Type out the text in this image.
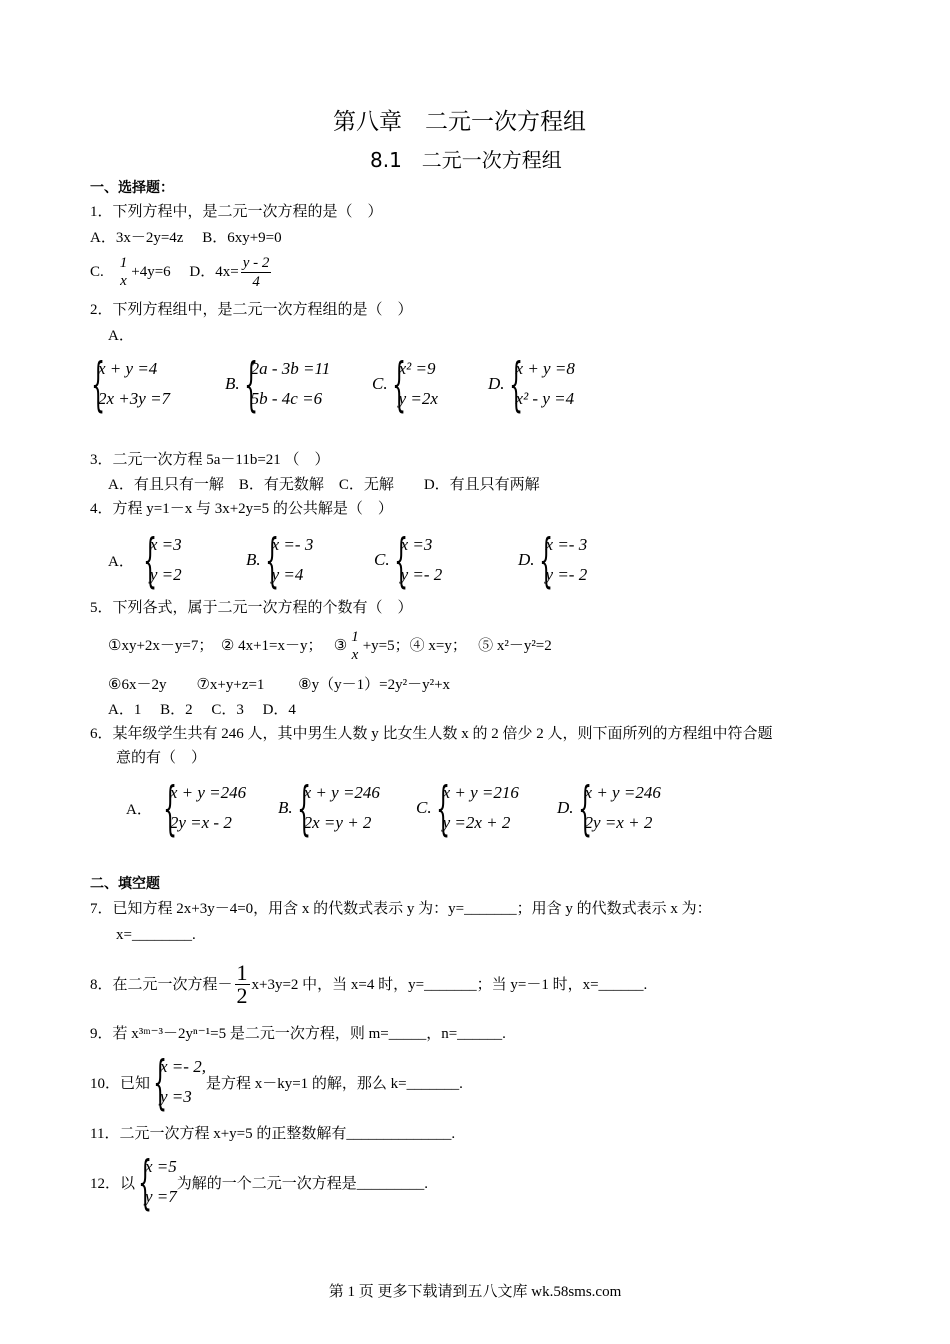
第八章　二元一次方程组
8.1　二元一次方程组
一、选择题：
1．下列方程中，是二元一次方程的是（　）
A．3x－2y=4z　 B．6xy+9=0
C.
1
x
+4y=6　 D．$4x= \frac{y - 2}{4}$
2．下列方程组中，是二元一次方程组的是（　）
A．
{
x + y =4
2x +3y =7
B. {
2a - 3b =11
5b - 4c =6
C. {
x² =9
y =2x
D. {
x + y =8
x² - y =4
3．二元一次方程 5a－11b=21 （　）
A．有且只有一解　B．有无数解　C．无解　　D．有且只有两解
4．方程 y=1－x 与 3x+2y=5 的公共解是（　）
A． {
x =3
y =2
B. {
x =- 3
y =4
C. {
x =3
y =- 2
D. {
x =- 3
y =- 2
5．下列各式，属于二元一次方程的个数有（　）
①xy+2x－y=7；　② 4x+1=x－y；　 ③
1
x
+y=5；④ x=y；　 ⑤ x²－y²=2
⑥6x－2y　　⑦x+y+z=1　　 ⑧y（y－1）=2y²－y²+x
A．1　 B．2　 C．3　 D．4
6．某年级学生共有 246 人，其中男生人数 y 比女生人数 x 的 2 倍少 2 人，则下面所列的方程组中符合题
意的有（　）
A． {
x + y =246
2y =x - 2
B. {
x + y =246
2x =y + 2
C. {
x + y =216
y =2x + 2
D. {
x + y =246
2y =x + 2
二、填空题
7．已知方程 2x+3y－4=0，用含 x 的代数式表示 y 为：y=_______；用含 y 的代数式表示 x 为：
x=________.
8．在二元一次方程－ $\frac{1}{2} x+3y=2$ 中，当 x=4 时，y=_______；当 y=－1 时，x=______.
9．若 x³ᵐ⁻³－2yⁿ⁻¹=5 是二元一次方程，则 m=_____，n=______.
10．已知 {
x =- 2,
y =3
是方程 x－ky=1 的解，那么 k=_______.
11．二元一次方程 x+y=5 的正整数解有______________.
12．以 {
x =5
y =7
为解的一个二元一次方程是_________.
第 1 页 更多下载请到五八文库 wk.58sms.com
